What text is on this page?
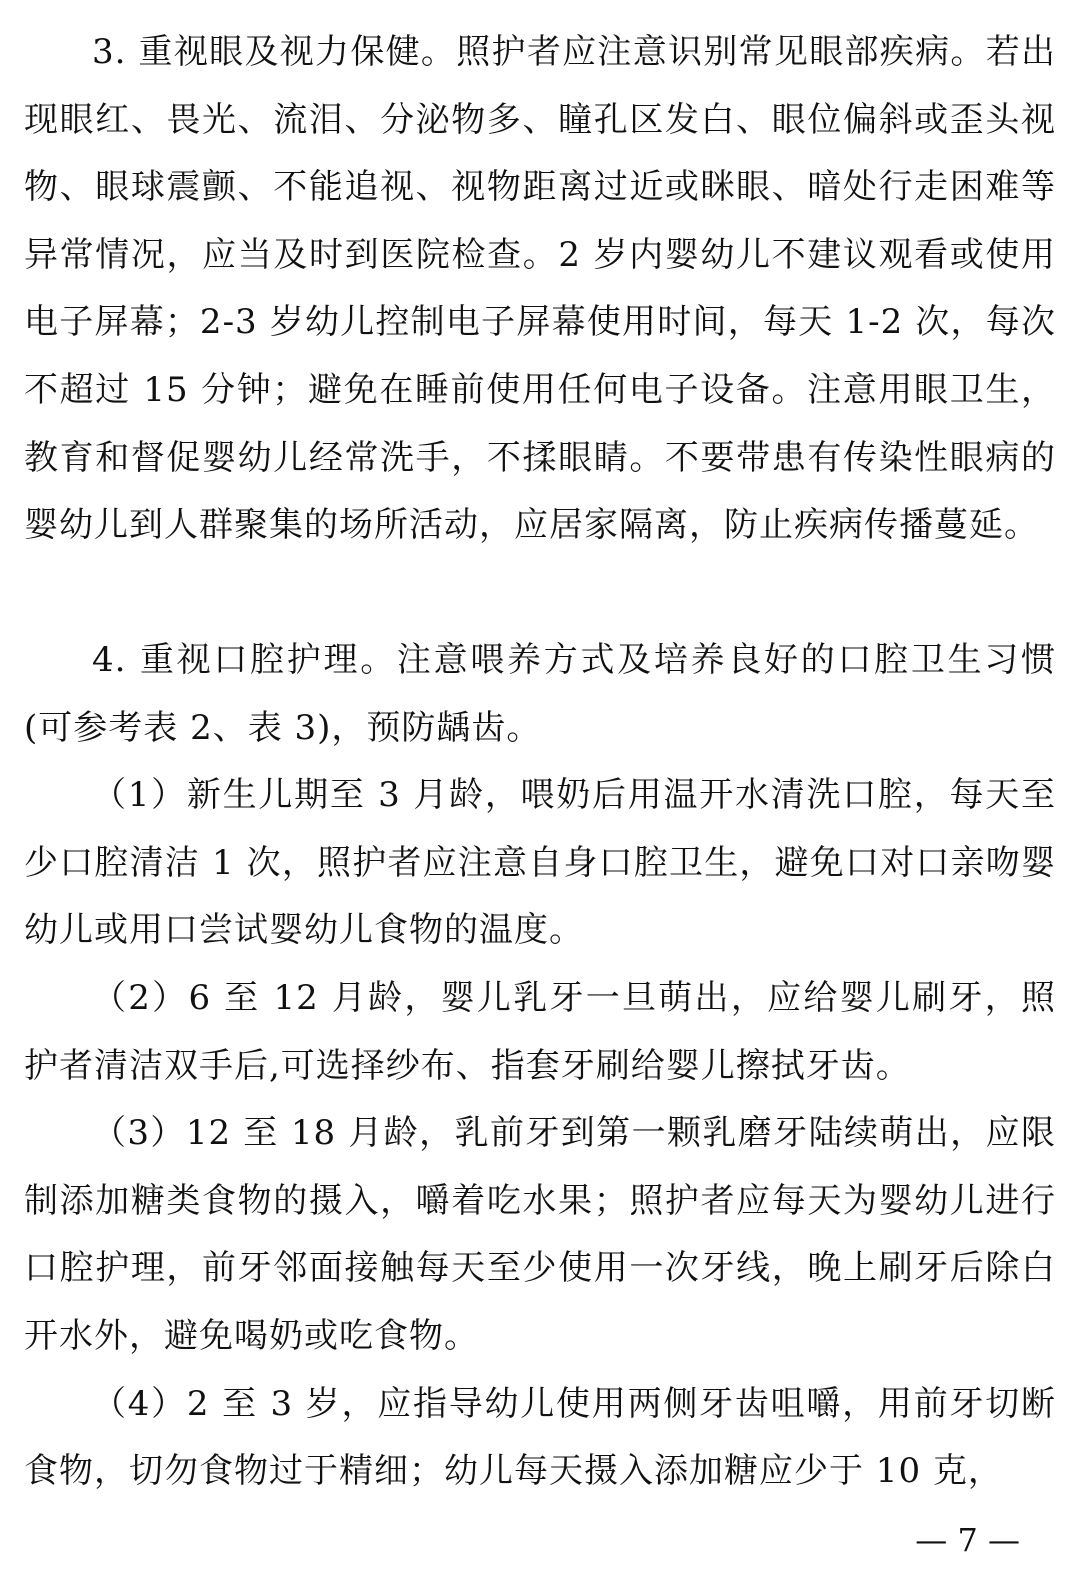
3. 重视眼及视力保健。照护者应注意识别常见眼部疾病。若出现眼红、畏光、流泪、分泌物多、瞳孔区发白、眼位偏斜或歪头视物、眼球震颤、不能追视、视物距离过近或眯眼、暗处行走困难等异常情况，应当及时到医院检查。2 岁内婴幼儿不建议观看或使用电子屏幕；2-3 岁幼儿控制电子屏幕使用时间，每天 1-2 次，每次不超过 15 分钟；避免在睡前使用任何电子设备。注意用眼卫生，教育和督促婴幼儿经常洗手，不揉眼睛。不要带患有传染性眼病的婴幼儿到人群聚集的场所活动，应居家隔离，防止疾病传播蔓延。

4. 重视口腔护理。注意喂养方式及培养良好的口腔卫生习惯(可参考表 2、表 3)，预防龋齿。

（1）新生儿期至 3 月龄，喂奶后用温开水清洗口腔，每天至少口腔清洁 1 次，照护者应注意自身口腔卫生，避免口对口亲吻婴幼儿或用口尝试婴幼儿食物的温度。

（2）6 至 12 月龄，婴儿乳牙一旦萌出，应给婴儿刷牙，照护者清洁双手后,可选择纱布、指套牙刷给婴儿擦拭牙齿。

（3）12 至 18 月龄，乳前牙到第一颗乳磨牙陆续萌出，应限制添加糖类食物的摄入，嚼着吃水果；照护者应每天为婴幼儿进行口腔护理，前牙邻面接触每天至少使用一次牙线，晚上刷牙后除白开水外，避免喝奶或吃食物。

（4）2 至 3 岁，应指导幼儿使用两侧牙齿咀嚼，用前牙切断食物，切勿食物过于精细；幼儿每天摄入添加糖应少于 10 克，

— 7 —
